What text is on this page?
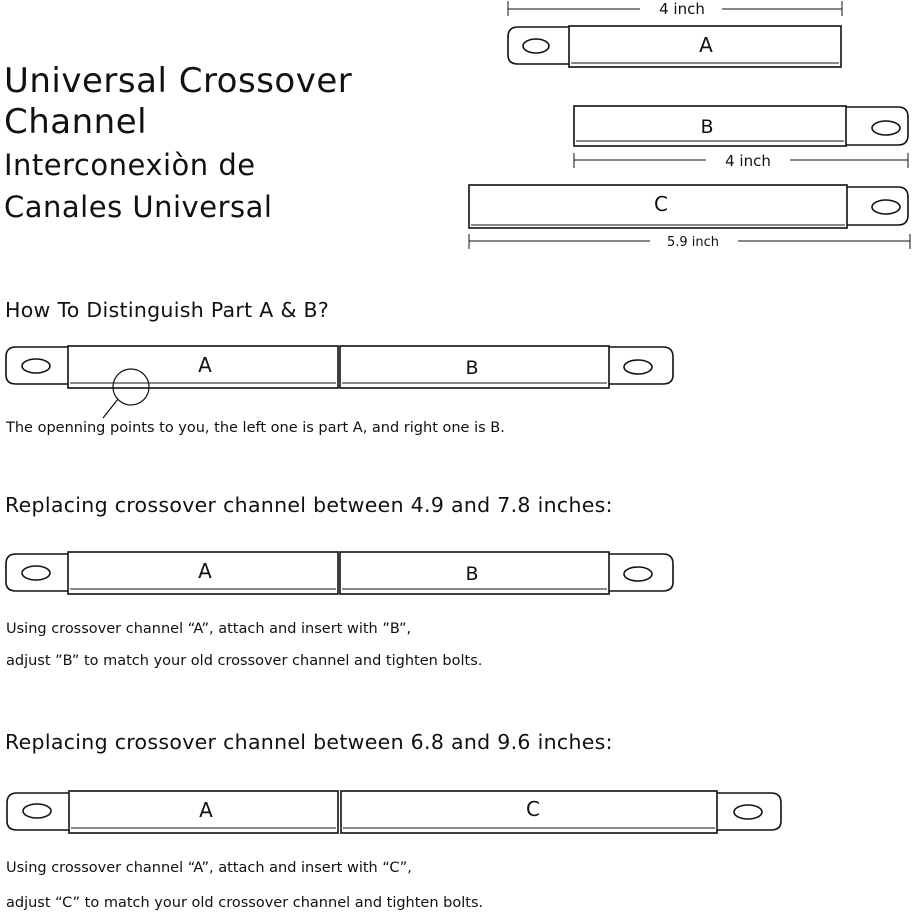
Universal Crossover
Channel
Interconexiòn de
Canales Universal
How To Distinguish Part A & B?
The openning points to you, the left one is part A, and right one is B.
Replacing crossover channel between 4.9 and 7.8 inches:
Using crossover channel “A”, attach and insert with ”B”,
adjust ”B” to match your old crossover channel and tighten bolts.
Replacing crossover channel between 6.8 and 9.6 inches:
Using crossover channel “A”, attach and insert with “C”,
adjust “C” to match your old crossover channel and tighten bolts.
A
B
C
4 inch
4 inch
5.9 inch
A	B
A	B
A	C
